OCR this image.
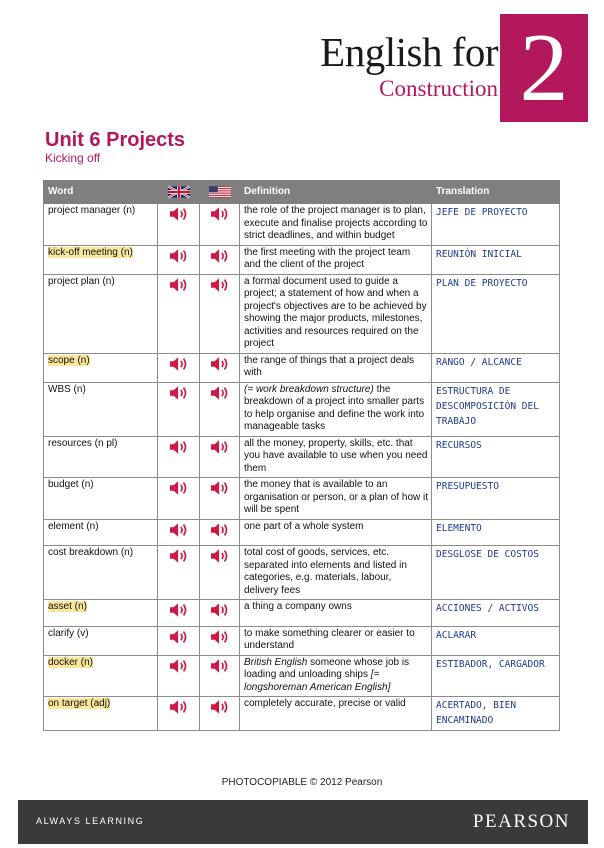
English for
Construction 2
Unit 6 Projects
Kicking off
Word			Definition	Translation
project manager (n)			the role of the project manager is to plan, execute and finalise projects according to strict deadlines, and within budget	JEFE DE PROYECTO
kick-off meeting (n)			the first meeting with the project team and the client of the project	REUNIÓN INICIAL
project plan (n)			a formal document used to guide a project; a statement of how and when a project's objectives are to be achieved by showing the major products, milestones, activities and resources required on the project	PLAN DE PROYECTO
scope (n)			the range of things that a project deals with	RANGO / ALCANCE
WBS (n)			(= work breakdown structure) the breakdown of a project into smaller parts to help organise and define the work into manageable tasks	ESTRUCTURA DE DESCOMPOSICIÓN DEL TRABAJO
resources (n pl)			all the money, property, skills, etc. that you have available to use when you need them	RECURSOS
budget (n)			the money that is available to an organisation or person, or a plan of how it will be spent	PRESUPUESTO
element (n)			one part of a whole system	ELEMENTO
cost breakdown (n)			total cost of goods, services, etc. separated into elements and listed in categories, e.g. materials, labour, delivery fees	DESGLOSE DE COSTOS
asset (n)			a thing a company owns	ACCIONES / ACTIVOS
clarify (v)			to make something clearer or easier to understand	ACLARAR
docker (n)			British English someone whose job is loading and unloading ships [= longshoreman American English]	ESTIBADOR, CARGADOR
on target (adj)			completely accurate, precise or valid	ACERTADO, BIEN ENCAMINADO
PHOTOCOPIABLE © 2012 Pearson
ALWAYS LEARNING	PEARSON
